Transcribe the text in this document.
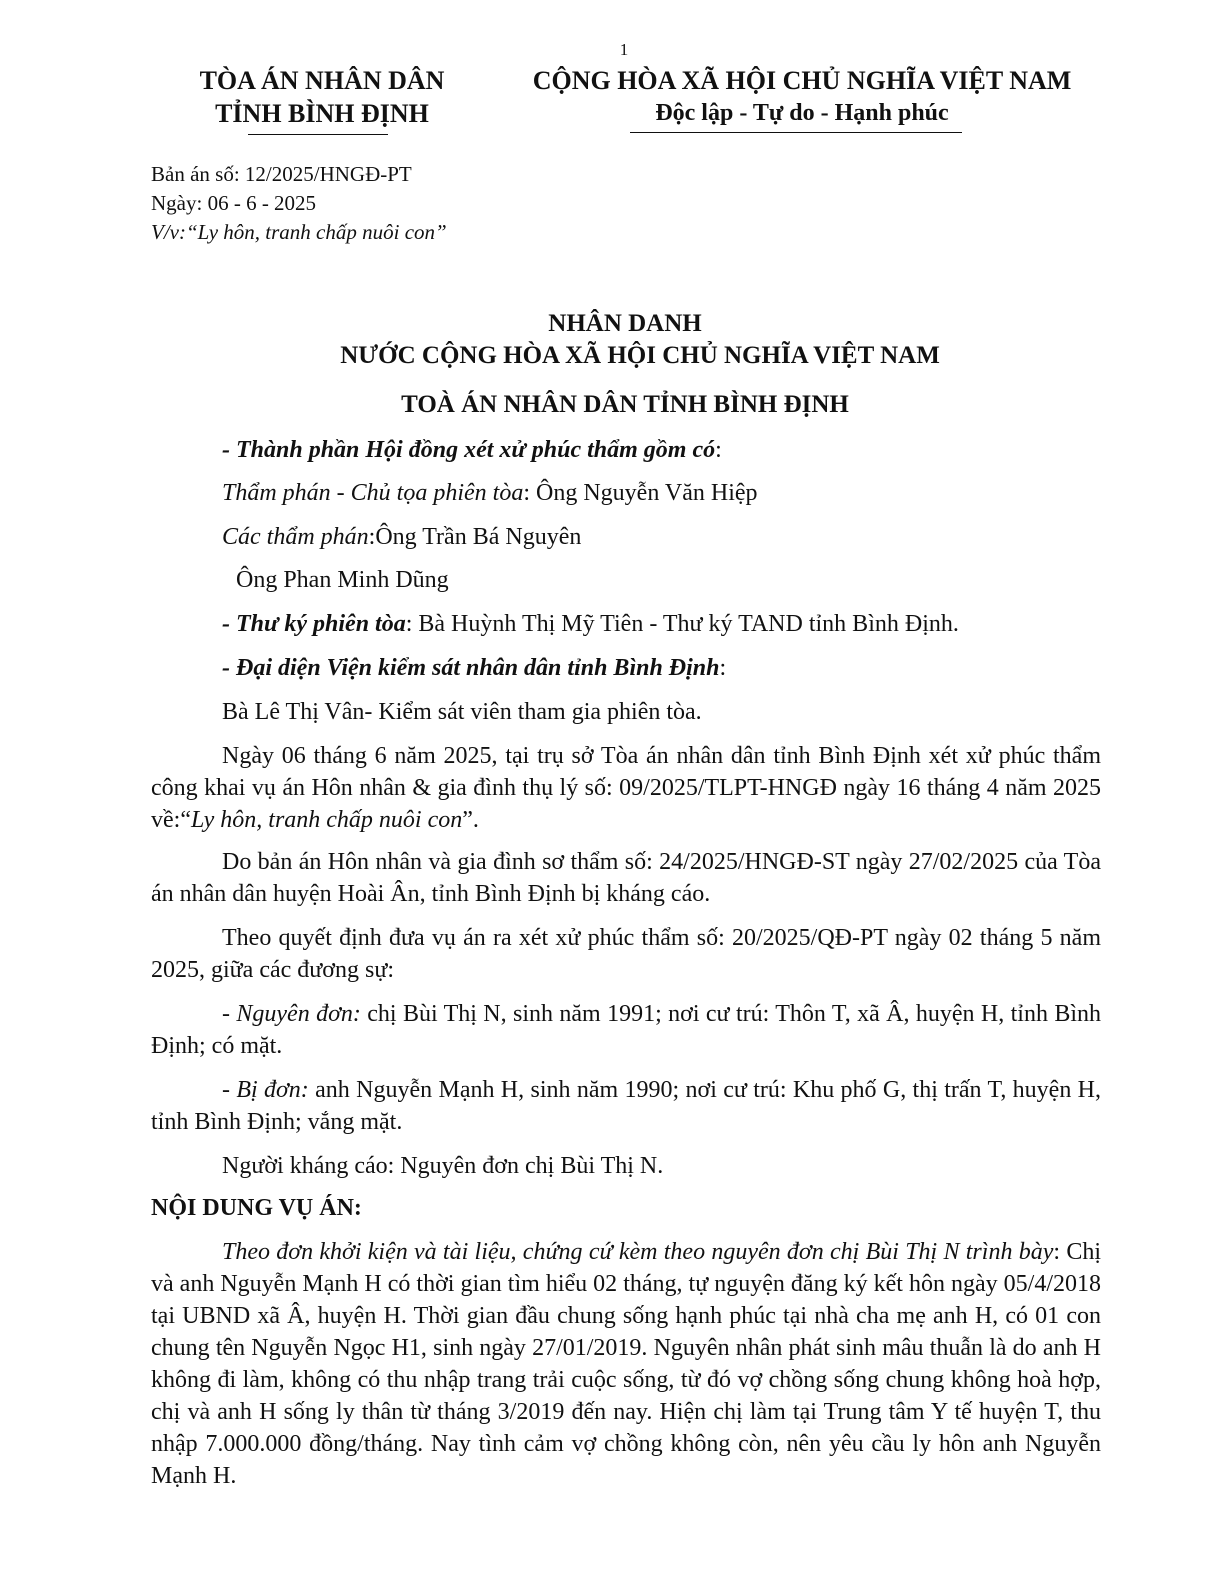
1
TÒA ÁN NHÂN DÂN
TỈNH BÌNH ĐỊNH
CỘNG HÒA XÃ HỘI CHỦ NGHĨA VIỆT NAM
Độc lập - Tự do - Hạnh phúc
Bản án số: 12/2025/HNGĐ-PT
Ngày: 06 - 6 - 2025
V/v:“Ly hôn, tranh chấp nuôi con”
NHÂN DANH
NƯỚC CỘNG HÒA XÃ HỘI CHỦ NGHĨA VIỆT NAM
TOÀ ÁN NHÂN DÂN TỈNH BÌNH ĐỊNH
- Thành phần Hội đồng xét xử phúc thẩm gồm có:
Thẩm phán - Chủ tọa phiên tòa: Ông Nguyễn Văn Hiệp
Các thẩm phán:Ông Trần Bá Nguyên
Ông Phan Minh Dũng
- Thư ký phiên tòa: Bà Huỳnh Thị Mỹ Tiên - Thư ký TAND tỉnh Bình Định.
- Đại diện Viện kiểm sát nhân dân tỉnh Bình Định:
Bà Lê Thị Vân- Kiểm sát viên tham gia phiên tòa.
Ngày 06 tháng 6 năm 2025, tại trụ sở Tòa án nhân dân tỉnh Bình Định xét xử phúc thẩm công khai vụ án Hôn nhân & gia đình thụ lý số: 09/2025/TLPT-HNGĐ ngày 16 tháng 4 năm 2025 về:“Ly hôn, tranh chấp nuôi con”.
Do bản án Hôn nhân và gia đình sơ thẩm số: 24/2025/HNGĐ-ST ngày 27/02/2025 của Tòa án nhân dân huyện Hoài Ân, tỉnh Bình Định bị kháng cáo.
Theo quyết định đưa vụ án ra xét xử phúc thẩm số: 20/2025/QĐ-PT ngày 02 tháng 5 năm 2025, giữa các đương sự:
- Nguyên đơn: chị Bùi Thị N, sinh năm 1991; nơi cư trú: Thôn T, xã Â, huyện H, tỉnh Bình Định; có mặt.
- Bị đơn: anh Nguyễn Mạnh H, sinh năm 1990; nơi cư trú: Khu phố G, thị trấn T, huyện H, tỉnh Bình Định; vắng mặt.
Người kháng cáo: Nguyên đơn chị Bùi Thị N.
NỘI DUNG VỤ ÁN:
Theo đơn khởi kiện và tài liệu, chứng cứ kèm theo nguyên đơn chị Bùi Thị N trình bày: Chị và anh Nguyễn Mạnh H có thời gian tìm hiểu 02 tháng, tự nguyện đăng ký kết hôn ngày 05/4/2018 tại UBND xã Â, huyện H. Thời gian đầu chung sống hạnh phúc tại nhà cha mẹ anh H, có 01 con chung tên Nguyễn Ngọc H1, sinh ngày 27/01/2019. Nguyên nhân phát sinh mâu thuẫn là do anh H không đi làm, không có thu nhập trang trải cuộc sống, từ đó vợ chồng sống chung không hoà hợp, chị và anh H sống ly thân từ tháng 3/2019 đến nay. Hiện chị làm tại Trung tâm Y tế huyện T, thu nhập 7.000.000 đồng/tháng. Nay tình cảm vợ chồng không còn, nên yêu cầu ly hôn anh Nguyễn Mạnh H.
